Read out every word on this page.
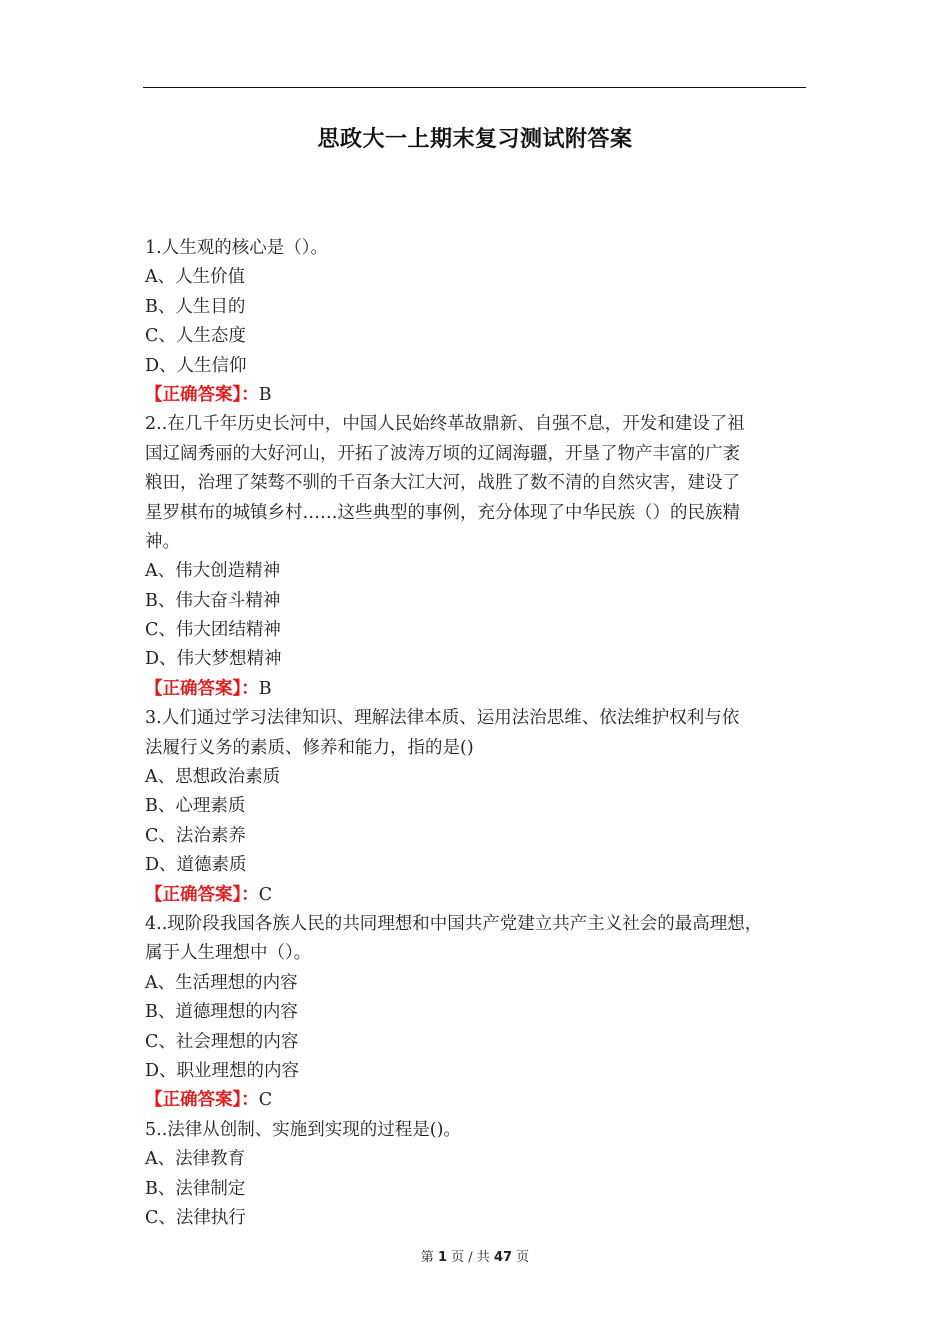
思政大一上期末复习测试附答案
1.人生观的核心是（）。
A、人生价值
B、人生目的
C、人生态度
D、人生信仰
【正确答案】：B
2..在几千年历史长河中，中国人民始终革故鼎新、自强不息，开发和建设了祖
国辽阔秀丽的大好河山，开拓了波涛万顷的辽阔海疆，开垦了物产丰富的广袤
粮田，治理了桀骜不驯的千百条大江大河，战胜了数不清的自然灾害，建设了
星罗棋布的城镇乡村……这些典型的事例，充分体现了中华民族（）的民族精
神。
A、伟大创造精神
B、伟大奋斗精神
C、伟大团结精神
D、伟大梦想精神
【正确答案】：B
3.人们通过学习法律知识、理解法律本质、运用法治思维、依法维护权利与依
法履行义务的素质、修养和能力，指的是()
A、思想政治素质
B、心理素质
C、法治素养
D、道德素质
【正确答案】：C
4..现阶段我国各族人民的共同理想和中国共产党建立共产主义社会的最高理想，
属于人生理想中（）。
A、生活理想的内容
B、道德理想的内容
C、社会理想的内容
D、职业理想的内容
【正确答案】：C
5..法律从创制、实施到实现的过程是()。
A、法律教育
B、法律制定
C、法律执行
第 1 页 / 共 47 页
